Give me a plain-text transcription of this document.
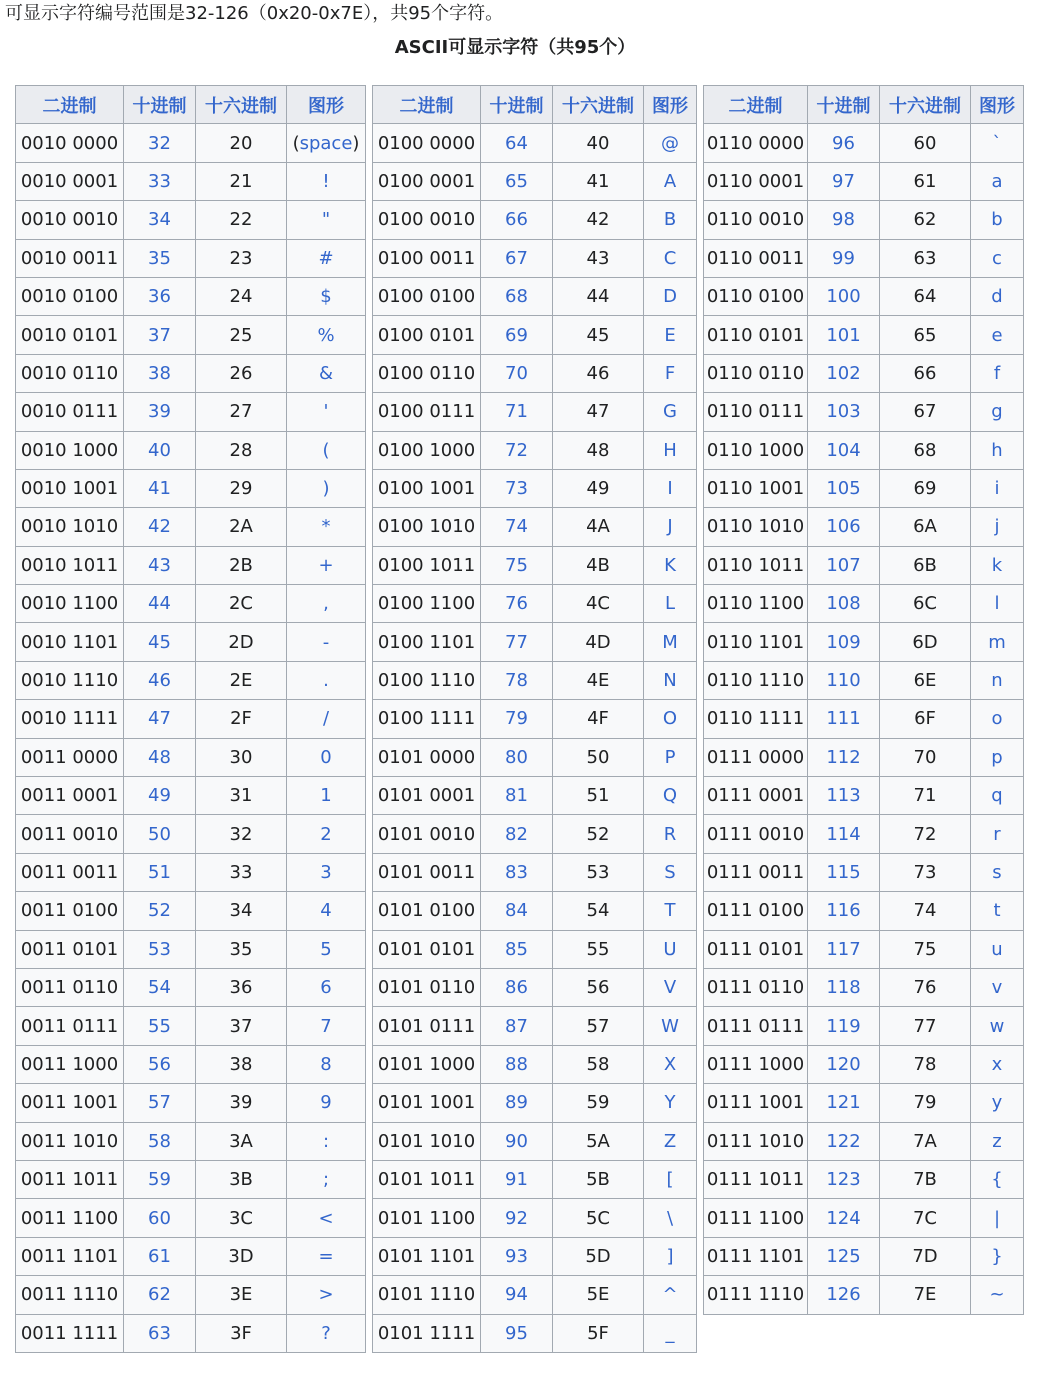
可显示字符编号范围是32-126（0x20-0x7E），共95个字符。
ASCII可显示字符（共95个）
二进制	十进制	十六进制	图形
0010 0000	32	20	(space)
0010 0001	33	21	!
0010 0010	34	22	"
0010 0011	35	23	#
0010 0100	36	24	$
0010 0101	37	25	%
0010 0110	38	26	&
0010 0111	39	27	'
0010 1000	40	28	(
0010 1001	41	29	)
0010 1010	42	2A	*
0010 1011	43	2B	+
0010 1100	44	2C	,
0010 1101	45	2D	-
0010 1110	46	2E	.
0010 1111	47	2F	/
0011 0000	48	30	0
0011 0001	49	31	1
0011 0010	50	32	2
0011 0011	51	33	3
0011 0100	52	34	4
0011 0101	53	35	5
0011 0110	54	36	6
0011 0111	55	37	7
0011 1000	56	38	8
0011 1001	57	39	9
0011 1010	58	3A	:
0011 1011	59	3B	;
0011 1100	60	3C	<
0011 1101	61	3D	=
0011 1110	62	3E	>
0011 1111	63	3F	?
二进制	十进制	十六进制	图形
0100 0000	64	40	@
0100 0001	65	41	A
0100 0010	66	42	B
0100 0011	67	43	C
0100 0100	68	44	D
0100 0101	69	45	E
0100 0110	70	46	F
0100 0111	71	47	G
0100 1000	72	48	H
0100 1001	73	49	I
0100 1010	74	4A	J
0100 1011	75	4B	K
0100 1100	76	4C	L
0100 1101	77	4D	M
0100 1110	78	4E	N
0100 1111	79	4F	O
0101 0000	80	50	P
0101 0001	81	51	Q
0101 0010	82	52	R
0101 0011	83	53	S
0101 0100	84	54	T
0101 0101	85	55	U
0101 0110	86	56	V
0101 0111	87	57	W
0101 1000	88	58	X
0101 1001	89	59	Y
0101 1010	90	5A	Z
0101 1011	91	5B	[
0101 1100	92	5C	\
0101 1101	93	5D	]
0101 1110	94	5E	^
0101 1111	95	5F	_
二进制	十进制	十六进制	图形
0110 0000	96	60	`
0110 0001	97	61	a
0110 0010	98	62	b
0110 0011	99	63	c
0110 0100	100	64	d
0110 0101	101	65	e
0110 0110	102	66	f
0110 0111	103	67	g
0110 1000	104	68	h
0110 1001	105	69	i
0110 1010	106	6A	j
0110 1011	107	6B	k
0110 1100	108	6C	l
0110 1101	109	6D	m
0110 1110	110	6E	n
0110 1111	111	6F	o
0111 0000	112	70	p
0111 0001	113	71	q
0111 0010	114	72	r
0111 0011	115	73	s
0111 0100	116	74	t
0111 0101	117	75	u
0111 0110	118	76	v
0111 0111	119	77	w
0111 1000	120	78	x
0111 1001	121	79	y
0111 1010	122	7A	z
0111 1011	123	7B	{
0111 1100	124	7C	|
0111 1101	125	7D	}
0111 1110	126	7E	~
